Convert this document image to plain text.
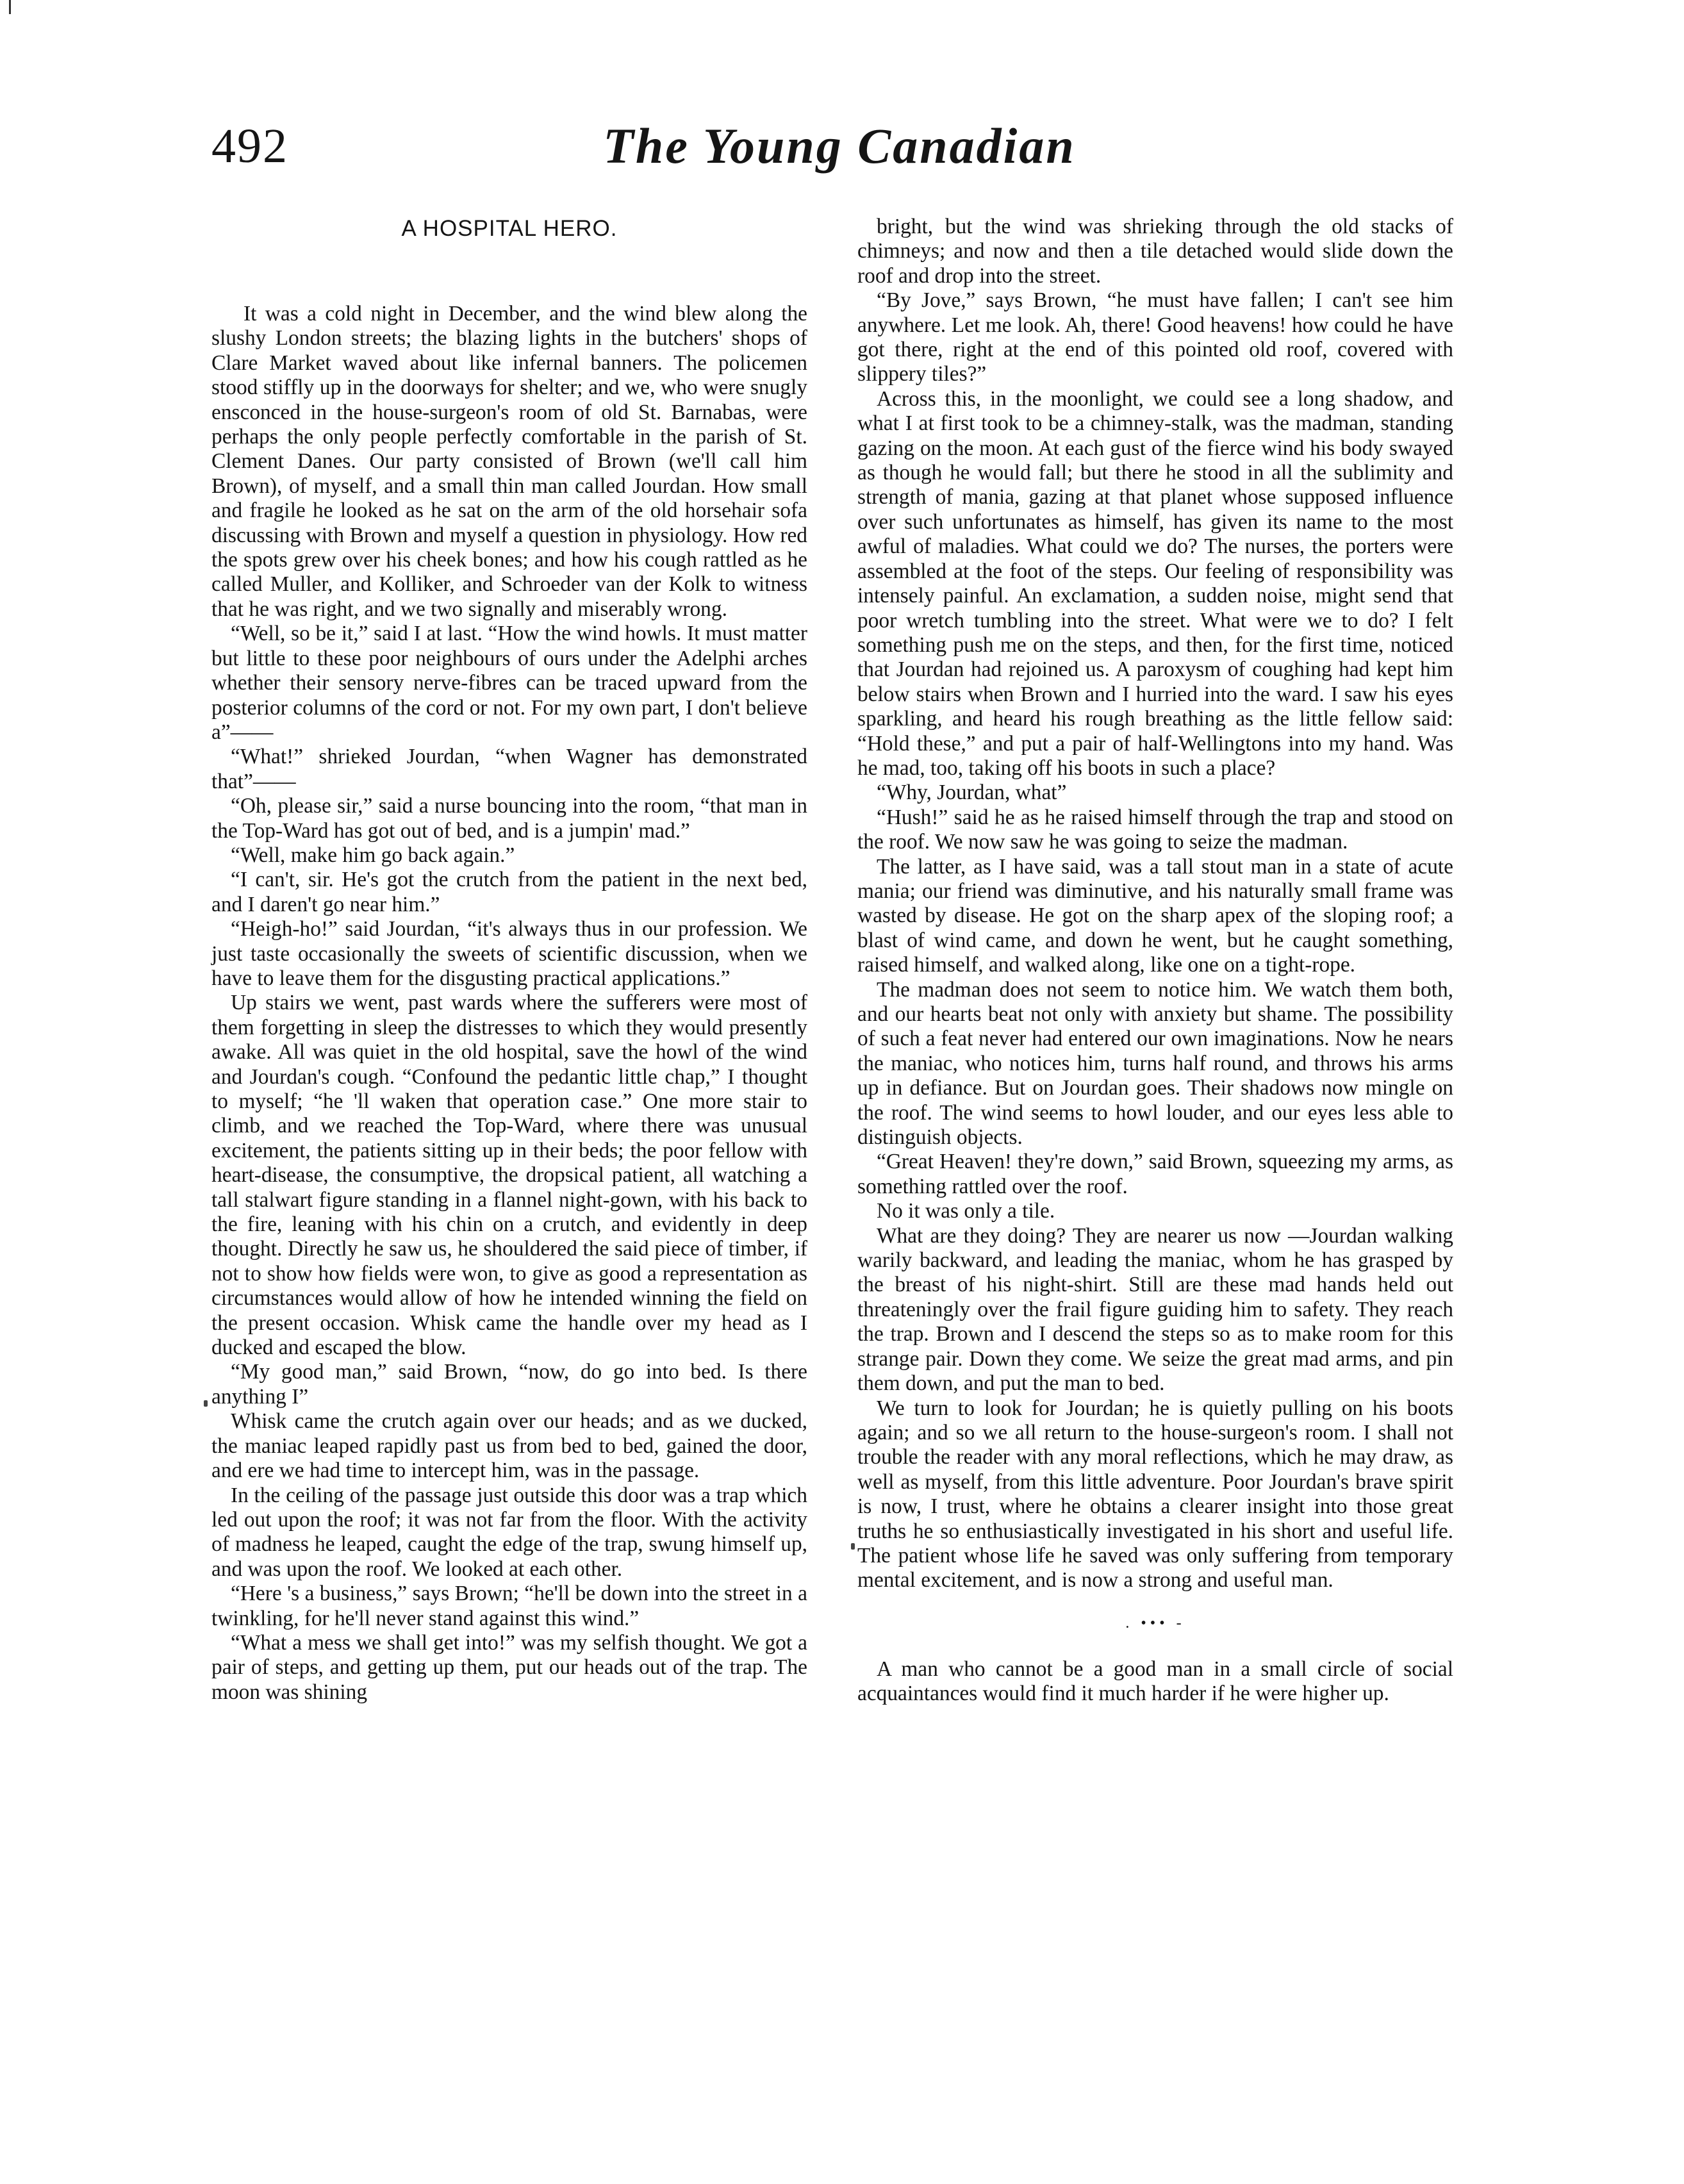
492	The Young Canadian
A HOSPITAL HERO.

It was a cold night in December, and the wind blew along the slushy London streets; the blazing lights in the butchers' shops of Clare Market waved about like infernal banners. The policemen stood stiffly up in the doorways for shelter; and we, who were snugly ensconced in the house-surgeon's room of old St. Barnabas, were perhaps the only people perfectly comfortable in the parish of St. Clement Danes. Our party consisted of Brown (we'll call him Brown), of myself, and a small thin man called Jourdan. How small and fragile he looked as he sat on the arm of the old horsehair sofa discussing with Brown and myself a question in physiology. How red the spots grew over his cheek bones; and how his cough rattled as he called Muller, and Kolliker, and Schroeder van der Kolk to witness that he was right, and we two signally and miserably wrong.

“Well, so be it,” said I at last. “How the wind howls. It must matter but little to these poor neighbours of ours under the Adelphi arches whether their sensory nerve-fibres can be traced upward from the posterior columns of the cord or not. For my own part, I don't believe a”——

“What!” shrieked Jourdan, “when Wagner has demonstrated that”——

“Oh, please sir,” said a nurse bouncing into the room, “that man in the Top-Ward has got out of bed, and is a jumpin' mad.”

“Well, make him go back again.”

“I can't, sir. He's got the crutch from the patient in the next bed, and I daren't go near him.”

“Heigh-ho!” said Jourdan, “it's always thus in our profession. We just taste occasionally the sweets of scientific discussion, when we have to leave them for the disgusting practical applications.”

Up stairs we went, past wards where the sufferers were most of them forgetting in sleep the distresses to which they would presently awake. All was quiet in the old hospital, save the howl of the wind and Jourdan's cough. “Confound the pedantic little chap,” I thought to myself; “he 'll waken that operation case.” One more stair to climb, and we reached the Top-Ward, where there was unusual excitement, the patients sitting up in their beds; the poor fellow with heart-disease, the consumptive, the dropsical patient, all watching a tall stalwart figure standing in a flannel night-gown, with his back to the fire, leaning with his chin on a crutch, and evidently in deep thought. Directly he saw us, he shouldered the said piece of timber, if not to show how fields were won, to give as good a representation as circumstances would allow of how he intended winning the field on the present occasion. Whisk came the handle over my head as I ducked and escaped the blow.

“My good man,” said Brown, “now, do go into bed. Is there anything I”

Whisk came the crutch again over our heads; and as we ducked, the maniac leaped rapidly past us from bed to bed, gained the door, and ere we had time to intercept him, was in the passage.

In the ceiling of the passage just outside this door was a trap which led out upon the roof; it was not far from the floor. With the activity of madness he leaped, caught the edge of the trap, swung himself up, and was upon the roof. We looked at each other.

“Here 's a business,” says Brown; “he'll be down into the street in a twinkling, for he'll never stand against this wind.”

“What a mess we shall get into!” was my selfish thought. We got a pair of steps, and getting up them, put our heads out of the trap. The moon was shining

bright, but the wind was shrieking through the old stacks of chimneys; and now and then a tile detached would slide down the roof and drop into the street.

“By Jove,” says Brown, “he must have fallen; I can't see him anywhere. Let me look. Ah, there! Good heavens! how could he have got there, right at the end of this pointed old roof, covered with slippery tiles?”

Across this, in the moonlight, we could see a long shadow, and what I at first took to be a chimney-stalk, was the madman, standing gazing on the moon. At each gust of the fierce wind his body swayed as though he would fall; but there he stood in all the sublimity and strength of mania, gazing at that planet whose supposed influence over such unfortunates as himself, has given its name to the most awful of maladies. What could we do? The nurses, the porters were assembled at the foot of the steps. Our feeling of responsibility was intensely painful. An exclamation, a sudden noise, might send that poor wretch tumbling into the street. What were we to do? I felt something push me on the steps, and then, for the first time, noticed that Jourdan had rejoined us. A paroxysm of coughing had kept him below stairs when Brown and I hurried into the ward. I saw his eyes sparkling, and heard his rough breathing as the little fellow said: “Hold these,” and put a pair of half-Wellingtons into my hand. Was he mad, too, taking off his boots in such a place?

“Why, Jourdan, what”

“Hush!” said he as he raised himself through the trap and stood on the roof. We now saw he was going to seize the madman.

The latter, as I have said, was a tall stout man in a state of acute mania; our friend was diminutive, and his naturally small frame was wasted by disease. He got on the sharp apex of the sloping roof; a blast of wind came, and down he went, but he caught something, raised himself, and walked along, like one on a tight-rope.

The madman does not seem to notice him. We watch them both, and our hearts beat not only with anxiety but shame. The possibility of such a feat never had entered our own imaginations. Now he nears the maniac, who notices him, turns half round, and throws his arms up in defiance. But on Jourdan goes. Their shadows now mingle on the roof. The wind seems to howl louder, and our eyes less able to distinguish objects.

“Great Heaven! they're down,” said Brown, squeezing my arms, as something rattled over the roof.

No it was only a tile.

What are they doing? They are nearer us now —Jourdan walking warily backward, and leading the maniac, whom he has grasped by the breast of his night-shirt. Still are these mad hands held out threateningly over the frail figure guiding him to safety. They reach the trap. Brown and I descend the steps so as to make room for this strange pair. Down they come. We seize the great mad arms, and pin them down, and put the man to bed.

We turn to look for Jourdan; he is quietly pulling on his boots again; and so we all return to the house-surgeon's room. I shall not trouble the reader with any moral reflections, which he may draw, as well as myself, from this little adventure. Poor Jourdan's brave spirit is now, I trust, where he obtains a clearer insight into those great truths he so enthusiastically investigated in his short and useful life. The patient whose life he saved was only suffering from temporary mental excitement, and is now a strong and useful man.

. ••• -

A man who cannot be a good man in a small circle of social acquaintances would find it much harder if he were higher up.
